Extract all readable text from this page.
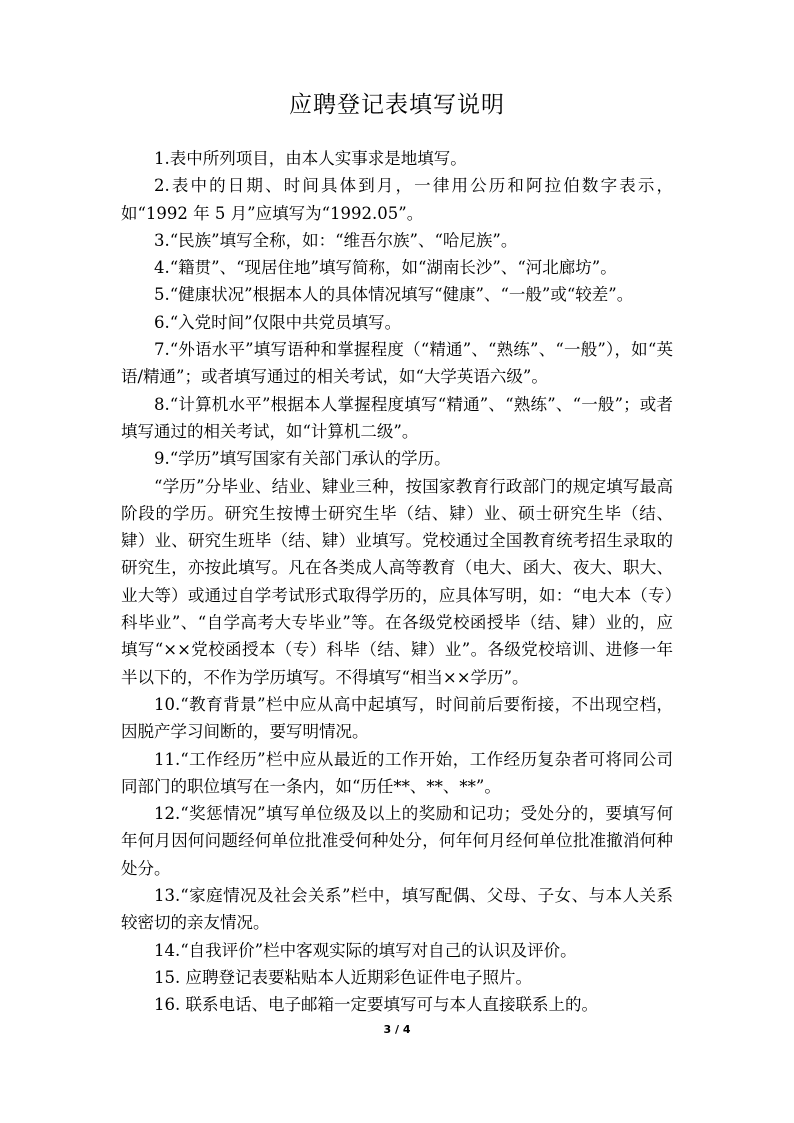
应聘登记表填写说明

1.表中所列项目，由本人实事求是地填写。

2.表中的日期、时间具体到月，一律用公历和阿拉伯数字表示，如“1992 年 5 月”应填写为“1992.05”。

3.“民族”填写全称，如：“维吾尔族”、“哈尼族”。

4.“籍贯”、“现居住地”填写简称，如“湖南长沙”、“河北廊坊”。

5.“健康状况”根据本人的具体情况填写“健康”、“一般”或“较差”。

6.“入党时间”仅限中共党员填写。

7.“外语水平”填写语种和掌握程度（“精通”、“熟练”、“一般”），如“英语/精通”；或者填写通过的相关考试，如“大学英语六级”。

8.“计算机水平”根据本人掌握程度填写“精通”、“熟练”、“一般”；或者填写通过的相关考试，如“计算机二级”。

9.“学历”填写国家有关部门承认的学历。

“学历”分毕业、结业、肄业三种，按国家教育行政部门的规定填写最高阶段的学历。研究生按博士研究生毕（结、肄）业、硕士研究生毕（结、肄）业、研究生班毕（结、肄）业填写。党校通过全国教育统考招生录取的研究生，亦按此填写。凡在各类成人高等教育（电大、函大、夜大、职大、业大等）或通过自学考试形式取得学历的，应具体写明，如：“电大本（专）科毕业”、“自学高考大专毕业”等。在各级党校函授毕（结、肄）业的，应填写“××党校函授本（专）科毕（结、肄）业”。各级党校培训、进修一年半以下的，不作为学历填写。不得填写“相当××学历”。

10.“教育背景”栏中应从高中起填写，时间前后要衔接，不出现空档，因脱产学习间断的，要写明情况。

11.“工作经历”栏中应从最近的工作开始，工作经历复杂者可将同公司同部门的职位填写在一条内，如“历任**、**、**”。

12.“奖惩情况”填写单位级及以上的奖励和记功；受处分的，要填写何年何月因何问题经何单位批准受何种处分，何年何月经何单位批准撤消何种处分。

13.“家庭情况及社会关系”栏中，填写配偶、父母、子女、与本人关系较密切的亲友情况。

14.“自我评价”栏中客观实际的填写对自己的认识及评价。

15. 应聘登记表要粘贴本人近期彩色证件电子照片。

16. 联系电话、电子邮箱一定要填写可与本人直接联系上的。

3 / 4
